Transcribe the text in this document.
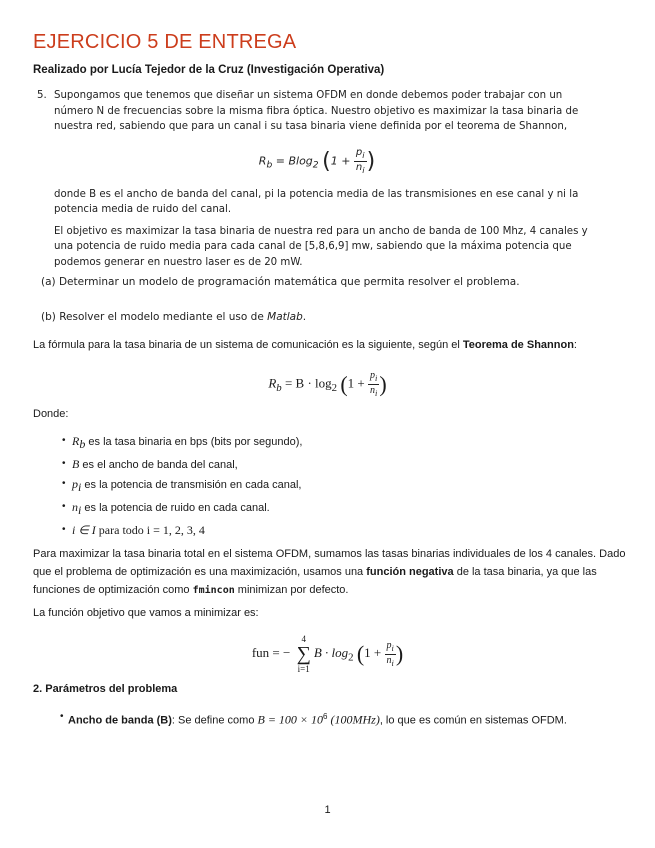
EJERCICIO 5 DE ENTREGA
Realizado por Lucía Tejedor de la Cruz (Investigación Operativa)
5. Supongamos que tenemos que diseñar un sistema OFDM en donde debemos poder trabajar con un número N de frecuencias sobre la misma fibra óptica. Nuestro objetivo es maximizar la tasa binaria de nuestra red, sabiendo que para un canal i su tasa binaria viene definida por el teorema de Shannon,
$R_b = Blog_2$ ($1 + \frac{p_i}{n_i}$ )
donde B es el ancho de banda del canal, pi la potencia media de las transmisiones en ese canal y ni la potencia media de ruido del canal.
El objetivo es maximizar la tasa binaria de nuestra red para un ancho de banda de 100 Mhz, 4 canales y una potencia de ruido media para cada canal de [5,8,6,9] mw, sabiendo que la máxima potencia que podemos generar en nuestro laser es de 20 mW.
(a) Determinar un modelo de programación matemática que permita resolver el problema.
(b) Resolver el modelo mediante el uso de Matlab.
La fórmula para la tasa binaria de un sistema de comunicación es la siguiente, según el Teorema de Shannon:
$R_b = B \cdot \log_2 (1 + \frac{p_i}{n_i}$ )
Donde:
• $R_b$ es la tasa binaria en bps (bits por segundo),
• B es el ancho de banda del canal,
• $p_i$ es la potencia de transmisión en cada canal,
• $n_i$ es la potencia de ruido en cada canal.
• i ∈ I para todo i = 1, 2, 3, 4
Para maximizar la tasa binaria total en el sistema OFDM, sumamos las tasas binarias individuales de los 4 canales. Dado que el problema de optimización es una maximización, usamos una función negativa de la tasa binaria, ya que las funciones de optimización como fmincon minimizan por defecto.
La función objetivo que vamos a minimizar es:
fun = − 4
∑
$i=1B \cdot \log_2 (1 + \frac{p_i}{n_i}$ )
2. Parámetros del problema
• Ancho de banda (B): Se define como $B = 100 \times 10^6$ (100MHz), lo que es común en sistemas OFDM.
1
